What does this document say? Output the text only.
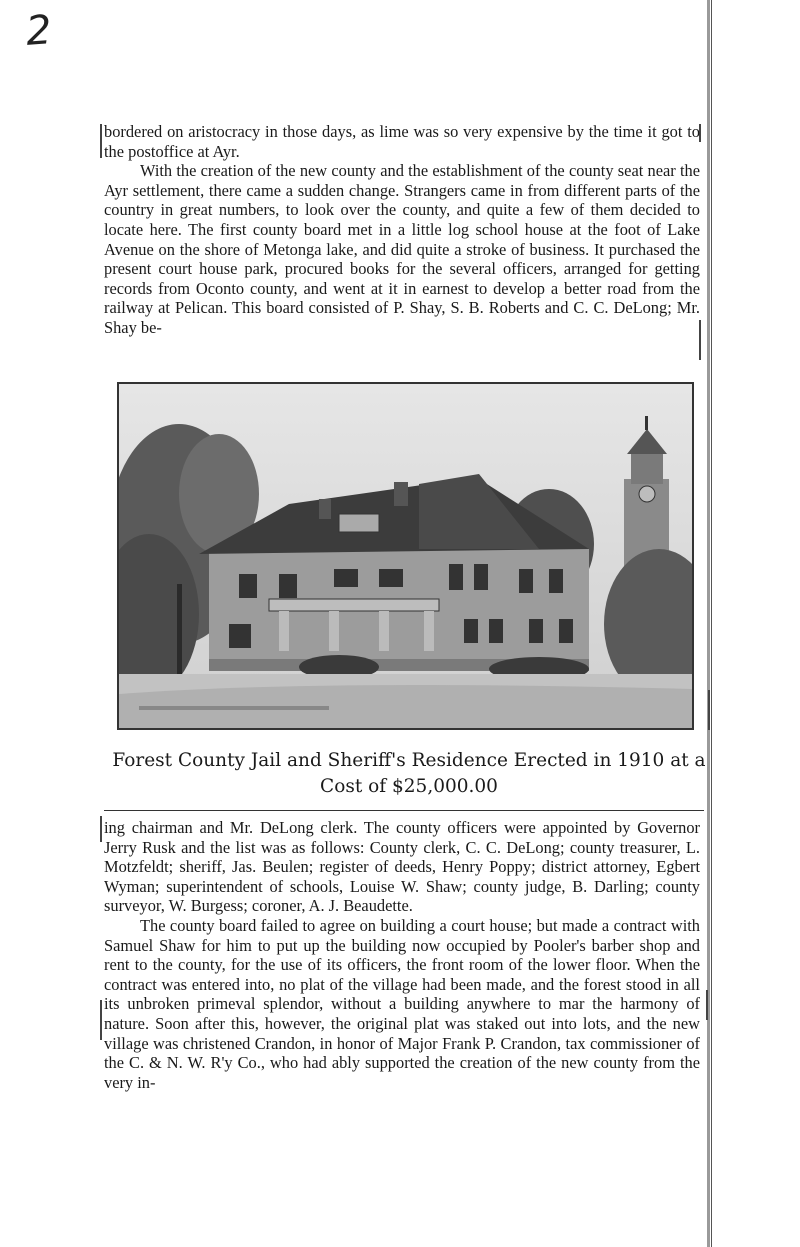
2

bordered on aristocracy in those days, as lime was so very expensive by the time it got to the postoffice at Ayr.

With the creation of the new county and the establishment of the county seat near the Ayr settlement, there came a sudden change. Strangers came in from different parts of the country in great numbers, to look over the county, and quite a few of them decided to locate here. The first county board met in a little log school house at the foot of Lake Avenue on the shore of Metonga lake, and did quite a stroke of business. It purchased the present court house park, procured books for the several officers, arranged for getting records from Oconto county, and went at it in earnest to develop a better road from the railway at Pelican. This board consisted of P. Shay, S. B. Roberts and C. C. DeLong; Mr. Shay be-

Forest County Jail and Sheriff's Residence Erected in 1910 at a Cost of $25,000.00

ing chairman and Mr. DeLong clerk. The county officers were appointed by Governor Jerry Rusk and the list was as follows: County clerk, C. C. DeLong; county treasurer, L. Motzfeldt; sheriff, Jas. Beulen; register of deeds, Henry Poppy; district attorney, Egbert Wyman; superintendent of schools, Louise W. Shaw; county judge, B. Darling; county surveyor, W. Burgess; coroner, A. J. Beaudette.

The county board failed to agree on building a court house; but made a contract with Samuel Shaw for him to put up the building now occupied by Pooler's barber shop and rent to the county, for the use of its officers, the front room of the lower floor. When the contract was entered into, no plat of the village had been made, and the forest stood in all its unbroken primeval splendor, without a building anywhere to mar the harmony of nature. Soon after this, however, the original plat was staked out into lots, and the new village was christened Crandon, in honor of Major Frank P. Crandon, tax commissioner of the C. & N. W. R'y Co., who had ably supported the creation of the new county from the very in-
